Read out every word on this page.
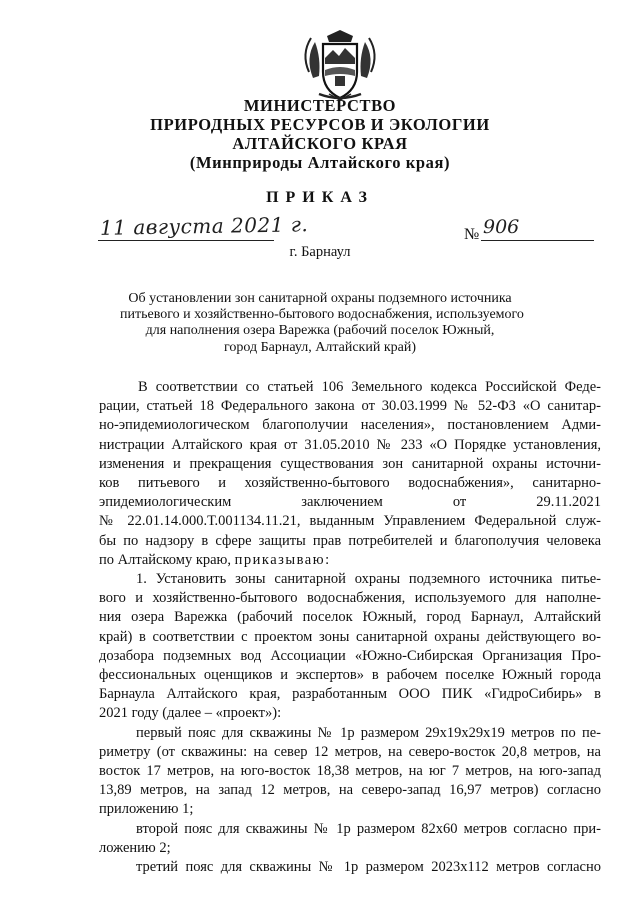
МИНИСТЕРСТВО
ПРИРОДНЫХ РЕСУРСОВ И ЭКОЛОГИИ
АЛТАЙСКОГО КРАЯ
(Минприроды Алтайского края)
ПРИКАЗ
11 августа 2021 г.	№ 906
г. Барнаул
Об установлении зон санитарной охраны подземного источника
питьевого и хозяйственно-бытового водоснабжения, используемого
для наполнения озера Варежка (рабочий поселок Южный,
город Барнаул, Алтайский край)
В соответствии со статьей 106 Земельного кодекса Российской Феде-
рации, статьей 18 Федерального закона от 30.03.1999 № 52-ФЗ «О санитар-
но-эпидемиологическом благополучии населения», постановлением Адми-
нистрации Алтайского края от 31.05.2010 № 233 «О Порядке установления,
изменения и прекращения существования зон санитарной охраны источни-
ков питьевого и хозяйственно-бытового водоснабжения», санитарно-
эпидемиологическим заключением от 29.11.2021
№ 22.01.14.000.Т.001134.11.21, выданным Управлением Федеральной служ-
бы по надзору в сфере защиты прав потребителей и благополучия человека
по Алтайскому краю, приказываю:
1. Установить зоны санитарной охраны подземного источника питье-
вого и хозяйственно-бытового водоснабжения, используемого для наполне-
ния озера Варежка (рабочий поселок Южный, город Барнаул, Алтайский
край) в соответствии с проектом зоны санитарной охраны действующего во-
дозабора подземных вод Ассоциации «Южно-Сибирская Организация Про-
фессиональных оценщиков и экспертов» в рабочем поселке Южный города
Барнаула Алтайского края, разработанным ООО ПИК «ГидроСибирь» в
2021 году (далее – «проект»):
первый пояс для скважины № 1р размером 29x19x29x19 метров по пе-
риметру (от скважины: на север 12 метров, на северо-восток 20,8 метров, на
восток 17 метров, на юго-восток 18,38 метров, на юг 7 метров, на юго-запад
13,89 метров, на запад 12 метров, на северо-запад 16,97 метров) согласно
приложению 1;
второй пояс для скважины № 1р размером 82x60 метров согласно при-
ложению 2;
третий пояс для скважины № 1р размером 2023x112 метров согласно
